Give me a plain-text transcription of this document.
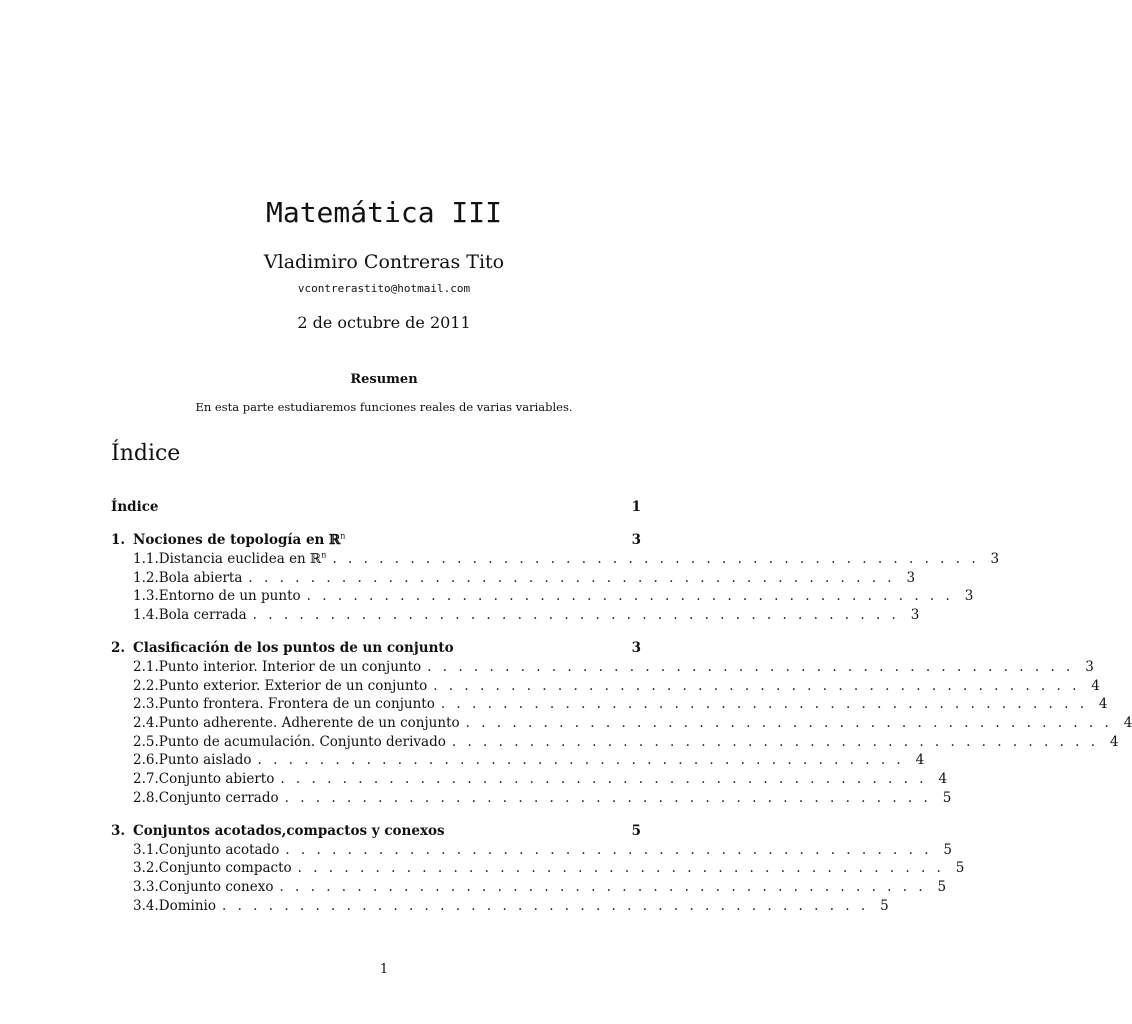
Matemática III
Vladimiro Contreras Tito
vcontrerastito@hotmail.com
2 de octubre de 2011
Resumen
En esta parte estudiaremos funciones reales de varias variables.
Índice
Índice	1
1. Nociones de topología en ℝ$^n$	3
1.1. Distancia euclidea en ℝ$^n$ . . . . . . . . . . . . . . . . . . . . . . . . . . . . . . . . . . . . . . . . . . 3
1.2. Bola abierta . . . . . . . . . . . . . . . . . . . . . . . . . . . . . . . . . . . . . . . . . . 3
1.3. Entorno de un punto . . . . . . . . . . . . . . . . . . . . . . . . . . . . . . . . . . . . . . . . . . 3
1.4. Bola cerrada . . . . . . . . . . . . . . . . . . . . . . . . . . . . . . . . . . . . . . . . . . 3
2. Clasificación de los puntos de un conjunto	3
2.1. Punto interior. Interior de un conjunto . . . . . . . . . . . . . . . . . . . . . . . . . . . . . . . . . . . . . . . . . . 3
2.2. Punto exterior. Exterior de un conjunto . . . . . . . . . . . . . . . . . . . . . . . . . . . . . . . . . . . . . . . . . . 4
2.3. Punto frontera. Frontera de un conjunto . . . . . . . . . . . . . . . . . . . . . . . . . . . . . . . . . . . . . . . . . . 4
2.4. Punto adherente. Adherente de un conjunto . . . . . . . . . . . . . . . . . . . . . . . . . . . . . . . . . . . . . . . . . . 4
2.5. Punto de acumulación. Conjunto derivado . . . . . . . . . . . . . . . . . . . . . . . . . . . . . . . . . . . . . . . . . . 4
2.6. Punto aislado . . . . . . . . . . . . . . . . . . . . . . . . . . . . . . . . . . . . . . . . . . 4
2.7. Conjunto abierto . . . . . . . . . . . . . . . . . . . . . . . . . . . . . . . . . . . . . . . . . . 4
2.8. Conjunto cerrado . . . . . . . . . . . . . . . . . . . . . . . . . . . . . . . . . . . . . . . . . . 5
3. Conjuntos acotados,compactos y conexos	5
3.1. Conjunto acotado . . . . . . . . . . . . . . . . . . . . . . . . . . . . . . . . . . . . . . . . . . 5
3.2. Conjunto compacto . . . . . . . . . . . . . . . . . . . . . . . . . . . . . . . . . . . . . . . . . . 5
3.3. Conjunto conexo . . . . . . . . . . . . . . . . . . . . . . . . . . . . . . . . . . . . . . . . . . 5
3.4. Dominio . . . . . . . . . . . . . . . . . . . . . . . . . . . . . . . . . . . . . . . . . . 5
1
